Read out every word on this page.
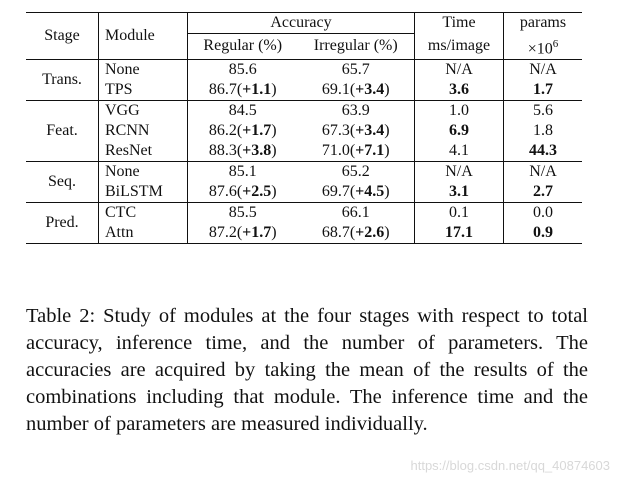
Stage	Module	Accuracy		Time	params
		Regular (%)	Irregular (%)	ms/image	$\times 10^6$
Trans.	None	85.6	65.7	N/A	N/A
	TPS	86.7(+1.1)	69.1(+3.4)	3.6	1.7
Feat.	VGG	84.5	63.9	1.0	5.6
	RCNN	86.2(+1.7)	67.3(+3.4)	6.9	1.8
	ResNet	88.3(+3.8)	71.0(+7.1)	4.1	44.3
Seq.	None	85.1	65.2	N/A	N/A
	BiLSTM	87.6(+2.5)	69.7(+4.5)	3.1	2.7
Pred.	CTC	85.5	66.1	0.1	0.0
	Attn	87.2(+1.7)	68.7(+2.6)	17.1	0.9
Table 2: Study of modules at the four stages with respect to total accuracy, inference time, and the number of parameters. The accuracies are acquired by taking the mean of the results of the combinations including that module. The inference time and the number of parameters are measured individually.
https://blog.csdn.net/qq_40874603
